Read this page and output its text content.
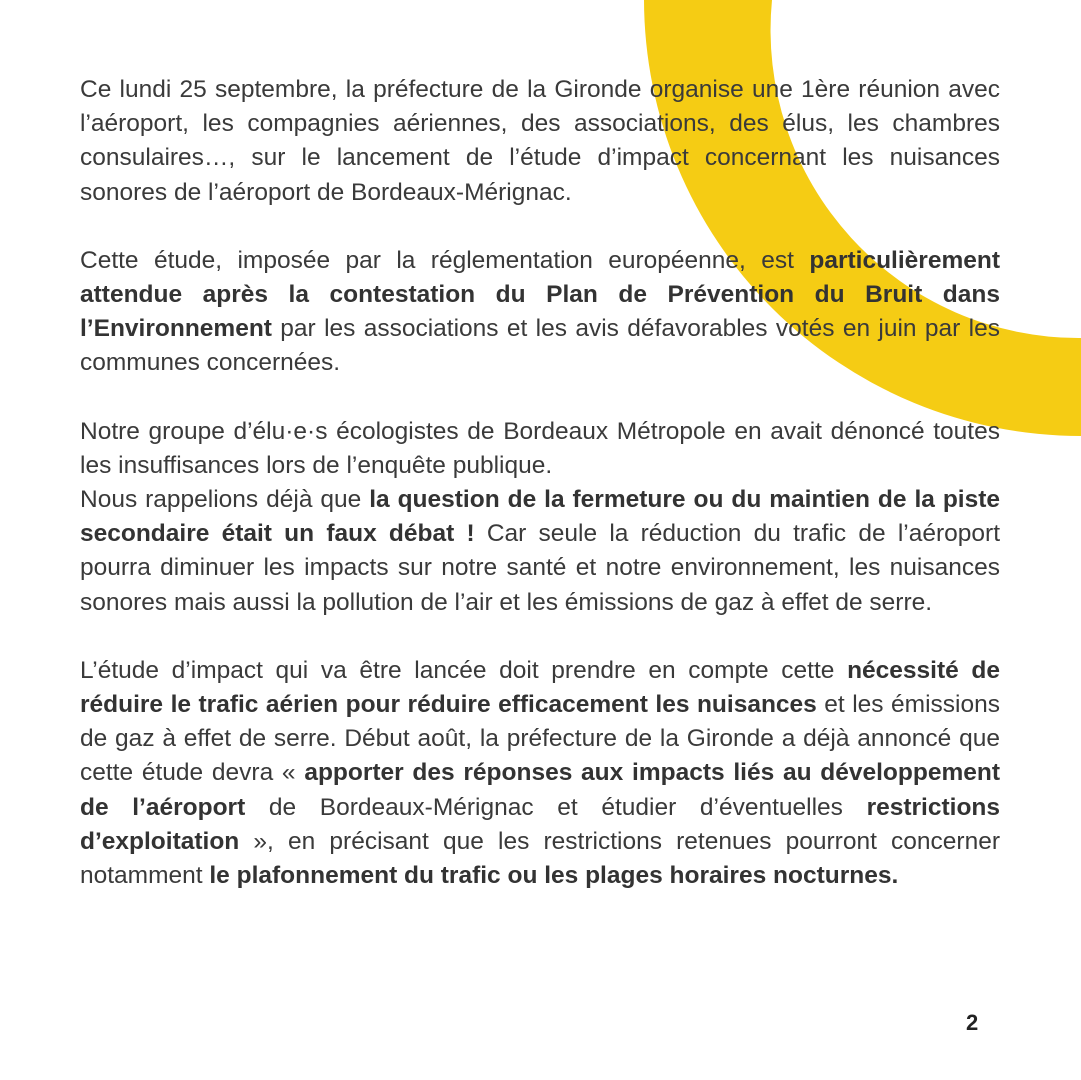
Ce lundi 25 septembre, la préfecture de la Gironde organise une 1ère réunion avec l’aéroport, les compagnies aériennes, des associations, des élus, les chambres consulaires…, sur le lancement de l’étude d’impact concernant les nuisances sonores de l’aéroport de Bordeaux-Mérignac.

Cette étude, imposée par la réglementation européenne, est particulièrement attendue après la contestation du Plan de Prévention du Bruit dans l’Environnement par les associations et les avis défavorables votés en juin par les communes concernées.

Notre groupe d’élu·e·s écologistes de Bordeaux Métropole en avait dénoncé toutes les insuffisances lors de l’enquête publique.

Nous rappelions déjà que la question de la fermeture ou du maintien de la piste secondaire était un faux débat ! Car seule la réduction du trafic de l’aéroport pourra diminuer les impacts sur notre santé et notre environnement, les nuisances sonores mais aussi la pollution de l’air et les émissions de gaz à effet de serre.

L’étude d’impact qui va être lancée doit prendre en compte cette nécessité de réduire le trafic aérien pour réduire efficacement les nuisances et les émissions de gaz à effet de serre. Début août, la préfecture de la Gironde a déjà annoncé que cette étude devra « apporter des réponses aux impacts liés au développement de l’aéroport de Bordeaux-Mérignac et étudier d’éventuelles restrictions d’exploitation », en précisant que les restrictions retenues pourront concerner notamment le plafonnement du trafic ou les plages horaires nocturnes.

2
